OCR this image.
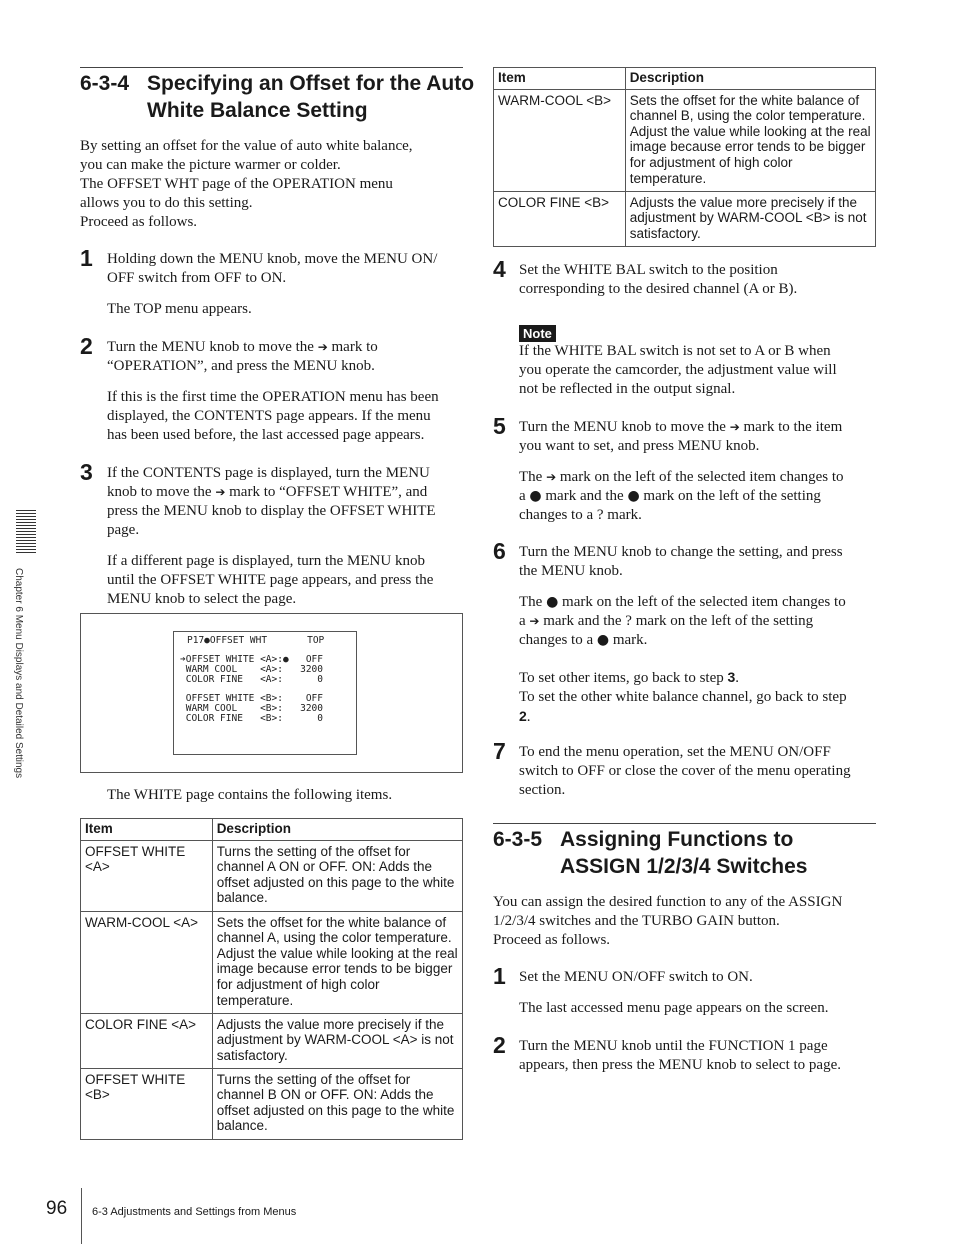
6-3-4 Specifying an Offset for the Auto White Balance Setting
By setting an offset for the value of auto white balance,
you can make the picture warmer or colder.
The OFFSET WHT page of the OPERATION menu
allows you to do this setting.
Proceed as follows.
1 Holding down the MENU knob, move the MENU ON/
OFF switch from OFF to ON.
The TOP menu appears.
2 Turn the MENU knob to move the ➔ mark to
“OPERATION”, and press the MENU knob.
If this is the first time the OPERATION menu has been
displayed, the CONTENTS page appears. If the menu
has been used before, the last accessed page appears.
3 If the CONTENTS page is displayed, turn the MENU
knob to move the ➔ mark to “OFFSET WHITE”, and
press the MENU knob to display the OFFSET WHITE
page.
If a different page is displayed, turn the MENU knob
until the OFFSET WHITE page appears, and press the
MENU knob to select the page.
P17●OFFSET WHT       TOP
➔OFFSET WHITE <A>:●   OFF
WARM COOL    <A>:   3200
COLOR FINE   <A>:      0
OFFSET WHITE <B>:    OFF
WARM COOL    <B>:   3200
COLOR FINE   <B>:      0
The WHITE page contains the following items.
Item	Description
OFFSET WHITE <A>	Turns the setting of the offset for channel A ON or OFF. ON: Adds the offset adjusted on this page to the white balance.
WARM-COOL <A>	Sets the offset for the white balance of channel A, using the color temperature. Adjust the value while looking at the real image because error tends to be bigger for adjustment of high color temperature.
COLOR FINE <A>	Adjusts the value more precisely if the adjustment by WARM-COOL <A> is not satisfactory.
OFFSET WHITE <B>	Turns the setting of the offset for channel B ON or OFF. ON: Adds the offset adjusted on this page to the white balance.
Item	Description
WARM-COOL <B>	Sets the offset for the white balance of channel B, using the color temperature. Adjust the value while looking at the real image because error tends to be bigger for adjustment of high color temperature.
COLOR FINE <B>	Adjusts the value more precisely if the adjustment by WARM-COOL <B> is not satisfactory.
4 Set the WHITE BAL switch to the position
corresponding to the desired channel (A or B).
Note
If the WHITE BAL switch is not set to A or B when
you operate the camcorder, the adjustment value will
not be reflected in the output signal.
5 Turn the MENU knob to move the ➔ mark to the item
you want to set, and press MENU knob.
The ➔ mark on the left of the selected item changes to
a ● mark and the ● mark on the left of the setting
changes to a ? mark.
6 Turn the MENU knob to change the setting, and press
the MENU knob.
The ● mark on the left of the selected item changes to
a ➔ mark and the ? mark on the left of the setting
changes to a ● mark.
To set other items, go back to step 3.
To set the other white balance channel, go back to step
2.
7 To end the menu operation, set the MENU ON/OFF
switch to OFF or close the cover of the menu operating
section.
6-3-5 Assigning Functions to
ASSIGN 1/2/3/4 Switches
You can assign the desired function to any of the ASSIGN
1/2/3/4 switches and the TURBO GAIN button.
Proceed as follows.
1 Set the MENU ON/OFF switch to ON.
The last accessed menu page appears on the screen.
2 Turn the MENU knob until the FUNCTION 1 page
appears, then press the MENU knob to select to page.
Chapter 6 Menu Displays and Detailed Settings
96 6-3 Adjustments and Settings from Menus
